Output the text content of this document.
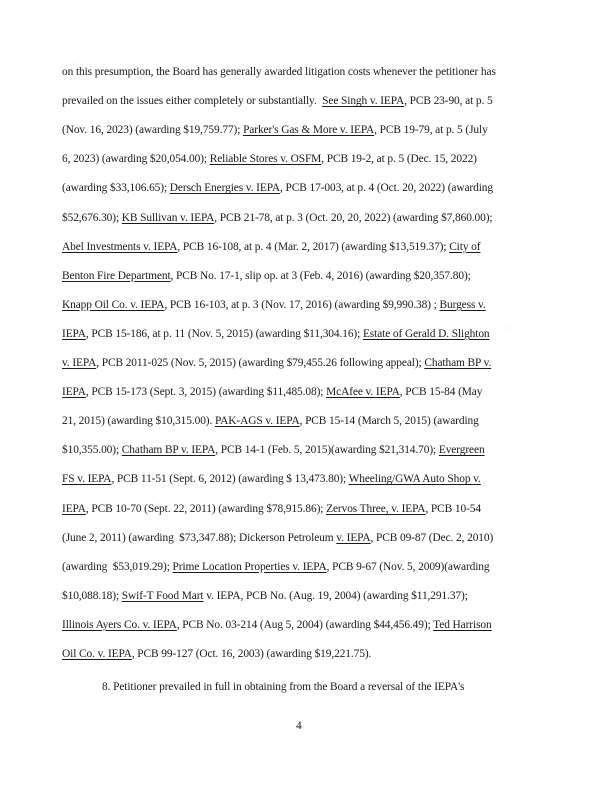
on this presumption, the Board has generally awarded litigation costs whenever the petitioner has
prevailed on the issues either completely or substantially.  See Singh v. IEPA, PCB 23-90, at p. 5
(Nov. 16, 2023) (awarding $19,759.77); Parker's Gas & More v. IEPA, PCB 19-79, at p. 5 (July
6, 2023) (awarding $20,054.00); Reliable Stores v. OSFM, PCB 19-2, at p. 5 (Dec. 15, 2022)
(awarding $33,106.65); Dersch Energies v. IEPA, PCB 17-003, at p. 4 (Oct. 20, 2022) (awarding
$52,676.30); KB Sullivan v. IEPA, PCB 21-78, at p. 3 (Oct. 20, 20, 2022) (awarding $7,860.00);
Abel Investments v. IEPA, PCB 16-108, at p. 4 (Mar. 2, 2017) (awarding $13,519.37); City of
Benton Fire Department, PCB No. 17-1, slip op. at 3 (Feb. 4, 2016) (awarding $20,357.80);
Knapp Oil Co. v. IEPA, PCB 16-103, at p. 3 (Nov. 17, 2016) (awarding $9,990.38) ; Burgess v.
IEPA, PCB 15-186, at p. 11 (Nov. 5, 2015) (awarding $11,304.16); Estate of Gerald D. Slighton
v. IEPA, PCB 2011-025 (Nov. 5, 2015) (awarding $79,455.26 following appeal); Chatham BP v.
IEPA, PCB 15-173 (Sept. 3, 2015) (awarding $11,485.08); McAfee v. IEPA, PCB 15-84 (May
21, 2015) (awarding $10,315.00). PAK-AGS v. IEPA, PCB 15-14 (March 5, 2015) (awarding
$10,355.00); Chatham BP v. IEPA, PCB 14-1 (Feb. 5, 2015)(awarding $21,314.70); Evergreen
FS v. IEPA, PCB 11-51 (Sept. 6, 2012) (awarding $ 13,473.80); Wheeling/GWA Auto Shop v.
IEPA, PCB 10-70 (Sept. 22, 2011) (awarding $78,915.86); Zervos Three, v. IEPA, PCB 10-54
(June 2, 2011) (awarding  $73,347.88); Dickerson Petroleum v. IEPA, PCB 09-87 (Dec. 2, 2010)
(awarding  $53,019.29); Prime Location Properties v. IEPA, PCB 9-67 (Nov. 5, 2009)(awarding
$10,088.18); Swif-T Food Mart v. IEPA, PCB No. (Aug. 19, 2004) (awarding $11,291.37);
Illinois Ayers Co. v. IEPA, PCB No. 03-214 (Aug 5, 2004) (awarding $44,456.49); Ted Harrison
Oil Co. v. IEPA, PCB 99-127 (Oct. 16, 2003) (awarding $19,221.75).
8. Petitioner prevailed in full in obtaining from the Board a reversal of the IEPA's
4
